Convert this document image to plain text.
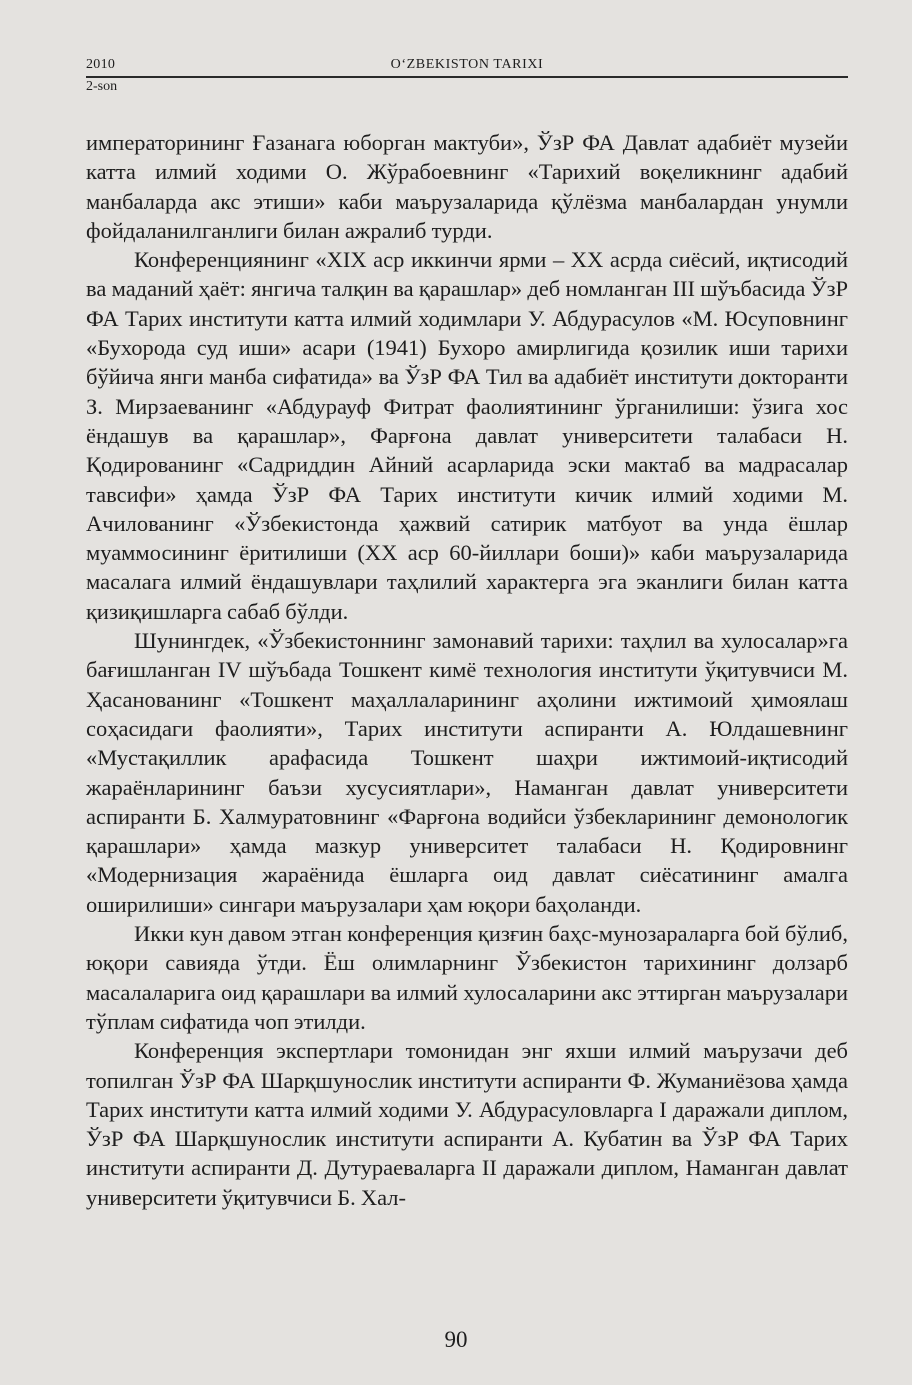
2010	O‘ZBEKISTON TARIXI
2-son

императорининг Ғазанага юборган мактуби», ЎзР ФА Давлат адабиёт музейи катта илмий ходими О. Жўрабоевнинг «Тарихий воқеликнинг адабий манбаларда акс этиши» каби маърузаларида қўлёзма манбалардан унумли фойдаланилганлиги билан ажралиб турди.

Конференциянинг «XIX аср иккинчи ярми – XX асрда сиёсий, иқтисодий ва маданий ҳаёт: янгича талқин ва қарашлар» деб номланган III шўъбасида ЎзР ФА Тарих институти катта илмий ходимлари У. Абдурасулов «М. Юсуповнинг «Бухорода суд иши» асари (1941) Бухоро амирлигида қозилик иши тарихи бўйича янги манба сифатида» ва ЎзР ФА Тил ва адабиёт институти докторанти З. Мирзаеванинг «Абдурауф Фитрат фаолиятининг ўрганилиши: ўзига хос ёндашув ва қарашлар», Фарғона давлат университети талабаси Н. Қодированинг «Садриддин Айний асарларида эски мактаб ва мадрасалар тавсифи» ҳамда ЎзР ФА Тарих институти кичик илмий ходими М. Ачилованинг «Ўзбекистонда ҳажвий сатирик матбуот ва унда ёшлар муаммосининг ёритилиши (XX аср 60-йиллари боши)» каби маърузаларида масалага илмий ёндашувлари таҳлилий характерга эга эканлиги билан катта қизиқишларга сабаб бўлди.

Шунингдек, «Ўзбекистоннинг замонавий тарихи: таҳлил ва хулосалар»га бағишланган IV шўъбада Тошкент кимё технология институти ўқитувчиси М. Ҳасанованинг «Тошкент маҳаллаларининг аҳолини ижтимоий ҳимоялаш соҳасидаги фаолияти», Тарих институти аспиранти А. Юлдашевнинг «Мустақиллик арафасида Тошкент шаҳри ижтимоий-иқтисодий жараёнларининг баъзи хусусиятлари», Наманган давлат университети аспиранти Б. Халмуратовнинг «Фарғона водийси ўзбекларининг демонологик қарашлари» ҳамда мазкур университет талабаси Н. Қодировнинг «Модернизация жараёнида ёшларга оид давлат сиёсатининг амалга оширилиши» сингари маърузалари ҳам юқори баҳоланди.

Икки кун давом этган конференция қизғин баҳс-мунозараларга бой бўлиб, юқори савияда ўтди. Ёш олимларнинг Ўзбекистон тарихининг долзарб масалаларига оид қарашлари ва илмий хулосаларини акс эттирган маърузалари тўплам сифатида чоп этилди.

Конференция экспертлари томонидан энг яхши илмий маърузачи деб топилган ЎзР ФА Шарқшунослик институти аспиранти Ф. Жуманиёзова ҳамда Тарих институти катта илмий ходими У. Абдурасуловларга I даражали диплом, ЎзР ФА Шарқшунослик институти аспиранти А. Кубатин ва ЎзР ФА Тарих институти аспиранти Д. Дутураеваларга II даражали диплом, Наманган давлат университети ўқитувчиси Б. Хал-

90
